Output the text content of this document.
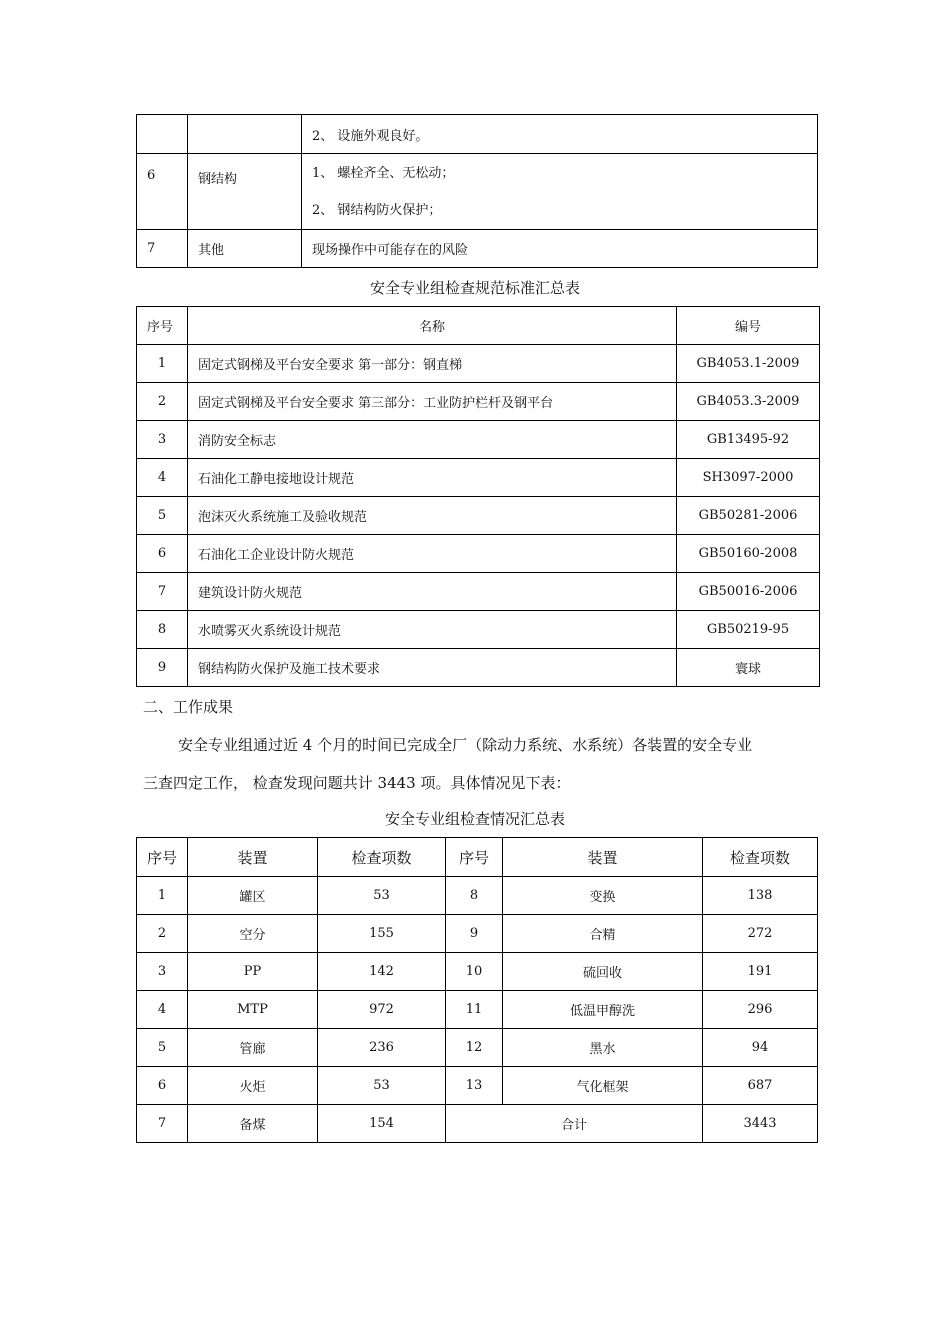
		2、 设施外观良好。
6	钢结构	1、 螺栓齐全、无松动；
2、 钢结构防火保护；

7	其他	现场操作中可能存在的风险
安全专业组检查规范标准汇总表
序号	名称	编号
1	固定式钢梯及平台安全要求 第一部分：钢直梯	GB4053.1-2009
2	固定式钢梯及平台安全要求 第三部分：工业防护栏杆及钢平台	GB4053.3-2009
3	消防安全标志	GB13495-92
4	石油化工静电接地设计规范	SH3097-2000
5	泡沫灭火系统施工及验收规范	GB50281-2006
6	石油化工企业设计防火规范	GB50160-2008
7	建筑设计防火规范	GB50016-2006
8	水喷雾灭火系统设计规范	GB50219-95
9	钢结构防火保护及施工技术要求	寰球
二、工作成果
安全专业组通过近 4 个月的时间已完成全厂（除动力系统、水系统）各装置的安全专业
三查四定工作， 检查发现问题共计 3443 项。具体情况见下表：
安全专业组检查情况汇总表
序号	装置	检查项数	序号	装置	检查项数
1	罐区	53	8	变换	138
2	空分	155	9	合精	272
3	PP	142	10	硫回收	191
4	MTP	972	11	低温甲醇洗	296
5	管廊	236	12	黑水	94
6	火炬	53	13	气化框架	687
7	备煤	154	合计		3443
